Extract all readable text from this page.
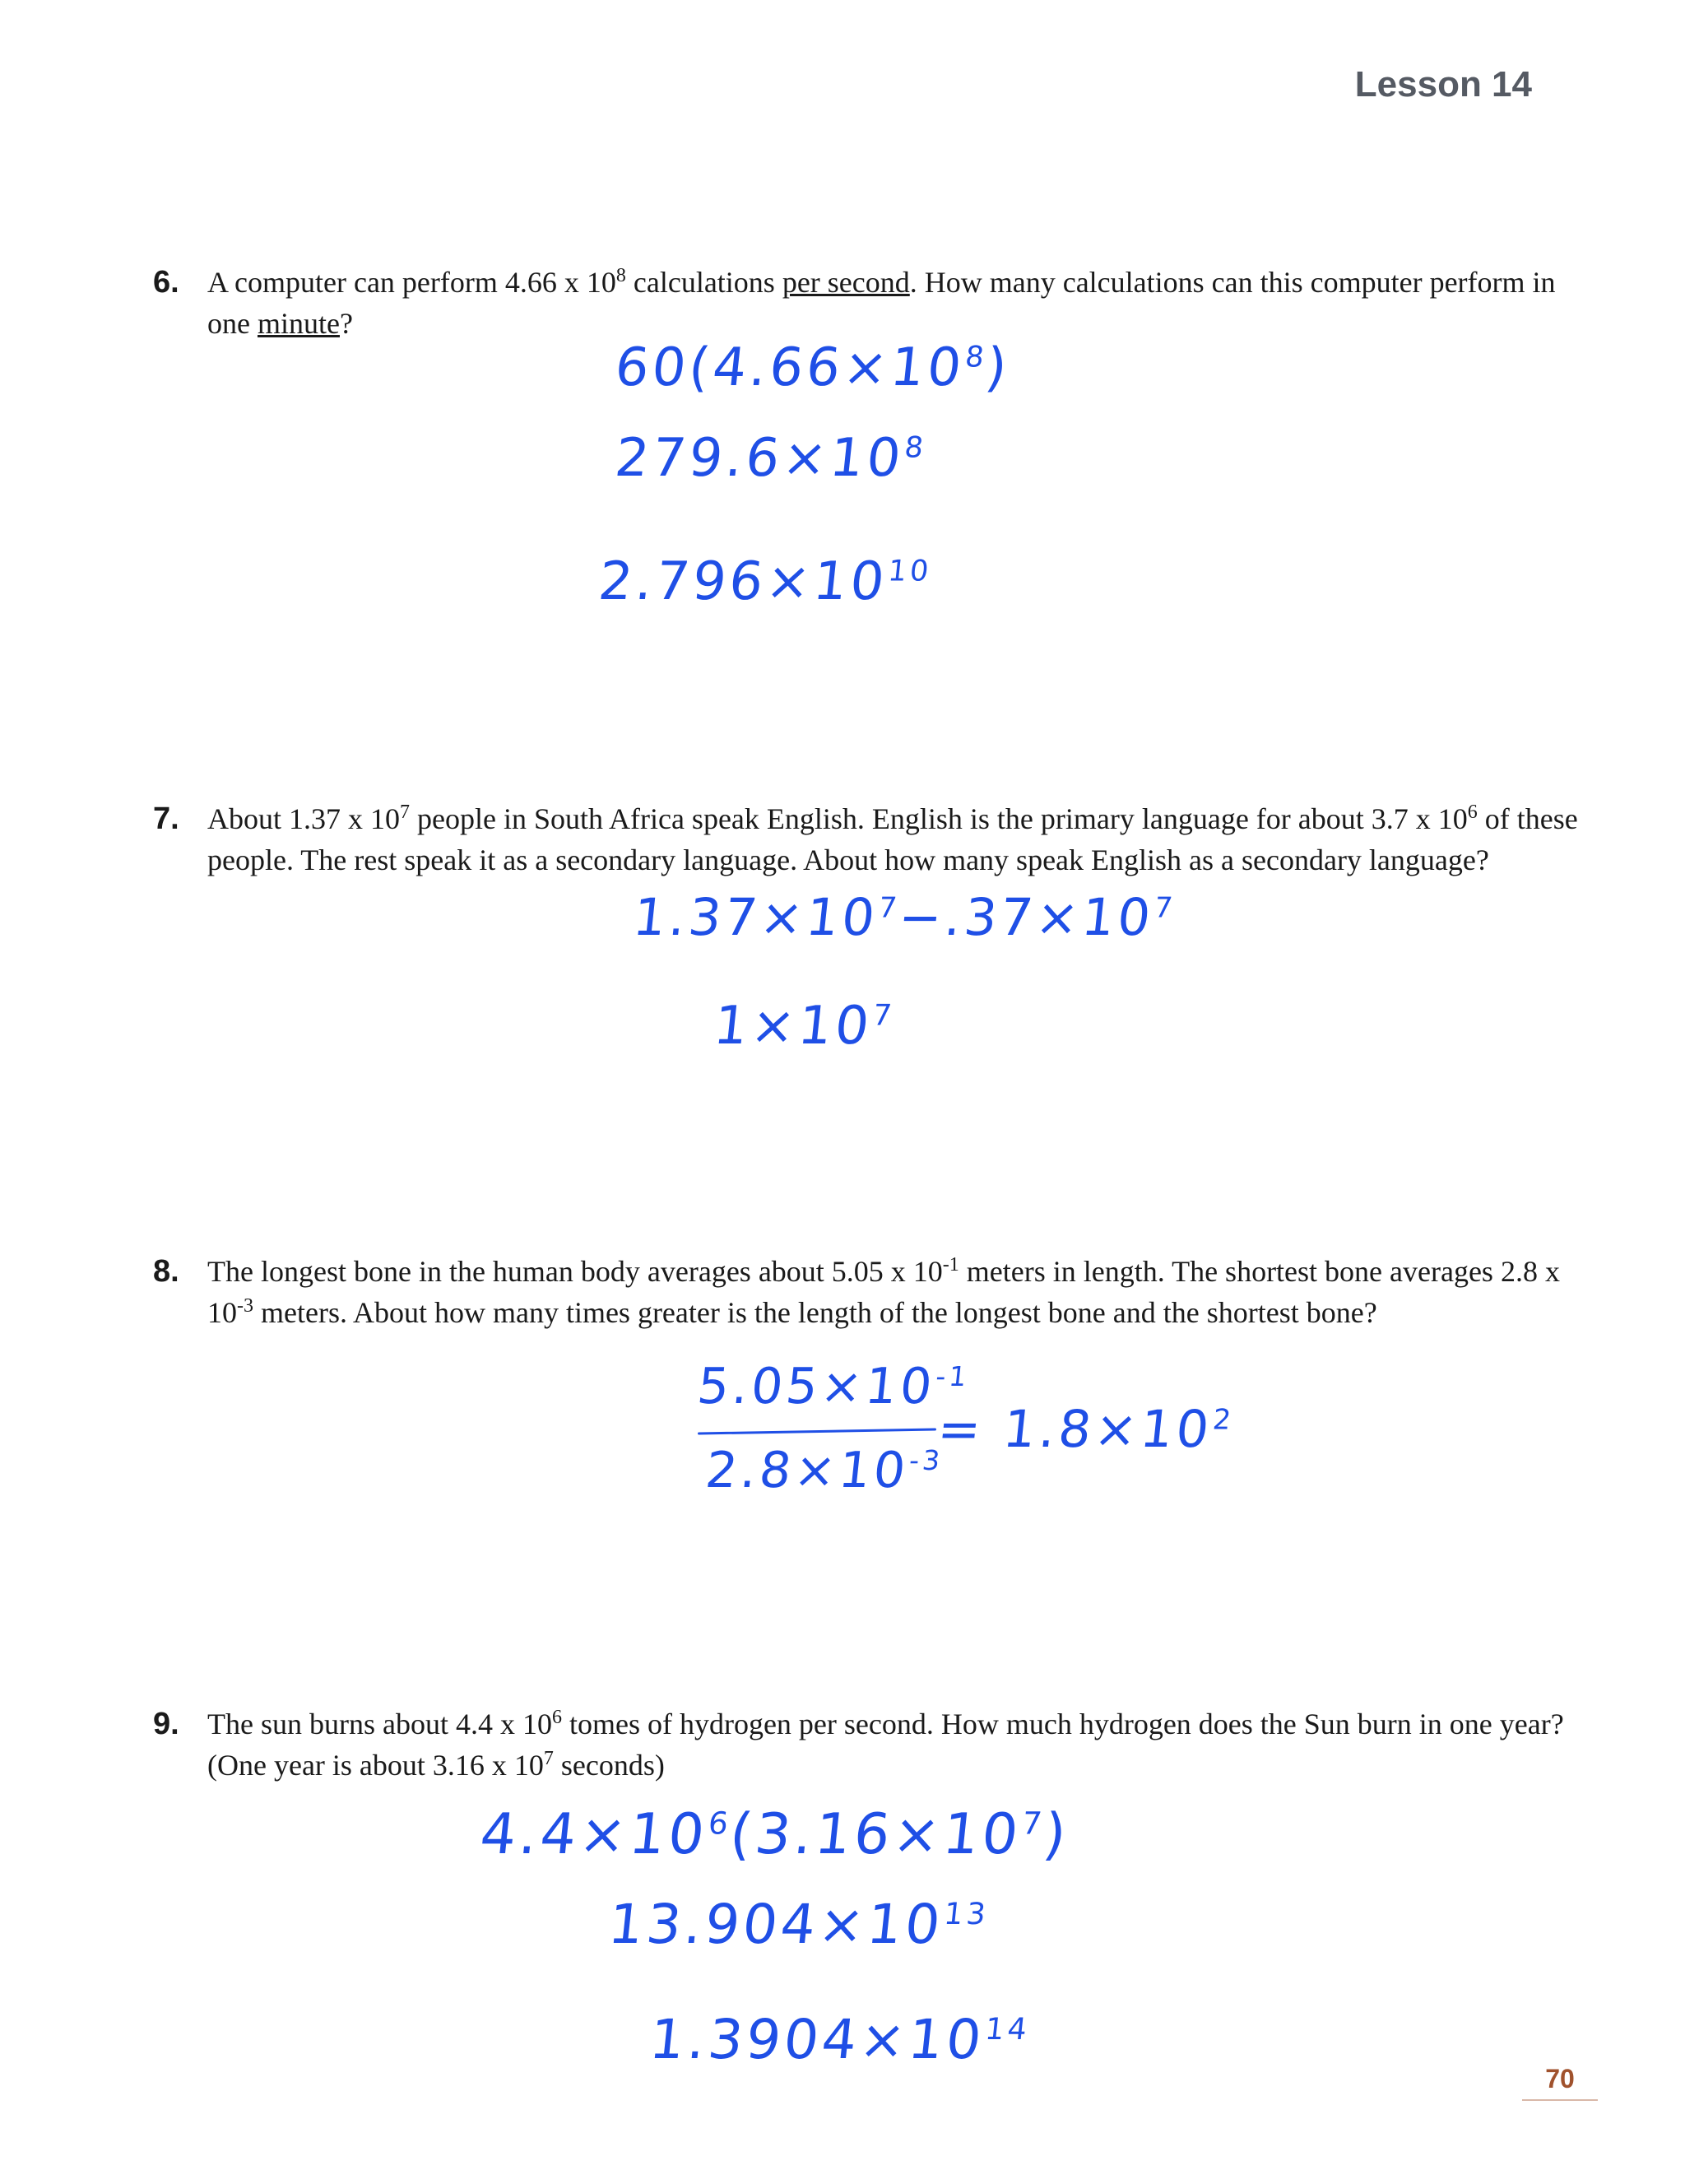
Lesson 14
6. A computer can perform 4.66 x $10^8$ calculations per second. How many calculations can this computer perform in one minute?
$60(4.66\times 10^8)$
$279.6\times 10^8$
$2.796\times 10^{10}$
7. About 1.37 x $10^7$ people in South Africa speak English. English is the primary language for about 3.7 x $10^6$ of these people. The rest speak it as a secondary language. About how many speak English as a secondary language?
$1.37\times 10^7-.37\times 10^7$
$1\times 10^7$
8. The longest bone in the human body averages about 5.05 x $10^{-1}$ meters in length. The shortest bone averages 2.8 x $10^{-3}$ meters. About how many times greater is the length of the longest bone and the shortest bone?
$5.05\times 10^{-1}$
$2.8\times 10^{-3}$
= $1.8\times 10^2$
9. The sun burns about 4.4 x $10^6$ tomes of hydrogen per second. How much hydrogen does the Sun burn in one year? (One year is about 3.16 x $10^7$ seconds)
$4.4\times 10^6(3.16\times 10^7)$
$13.904\times 10^{13}$
$1.3904\times 10^{14}$
70
